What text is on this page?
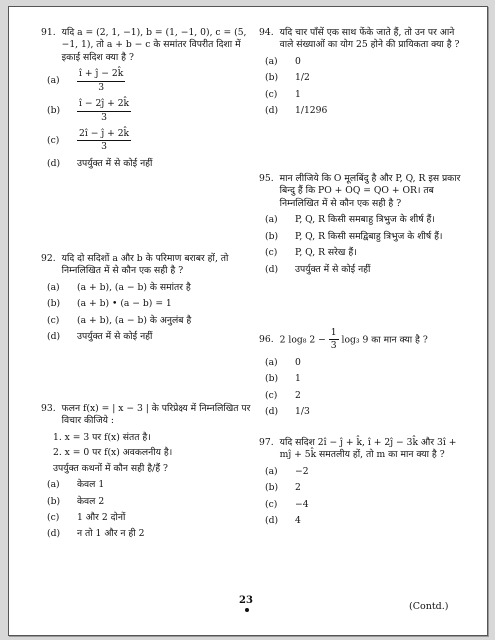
91. यदि a = (2, 1, −1), b = (1, −1, 0), c = (5, −1, 1), तो a + b − c के समांतर विपरीत दिशा में इकाई सदिश क्या है ?
(a)	$\frac{î + ĵ - 2k̂}{3}$
(b)	$\frac{î - 2ĵ + 2k̂}{3}$
(c)	$\frac{2î - ĵ + 2k̂}{3}$
(d)	उपर्युक्त में से कोई नहीं
92. यदि दो सदिशों a और b के परिमाण बराबर हों, तो निम्नलिखित में से कौन एक सही है ?
(a)	(a + b), (a − b) के समांतर है
(b)	(a + b) • (a − b) = 1
(c)	(a + b), (a − b) के अनुलंब है
(d)	उपर्युक्त में से कोई नहीं
93. फलन f(x) = | x − 3 | के परिप्रेक्ष्य में निम्नलिखित पर विचार कीजिये :
1. x = 3 पर f(x) संतत है।
2. x = 0 पर f(x) अवकलनीय है।
उपर्युक्त कथनों में कौन सही है/हैं ?
(a)	केवल 1
(b)	केवल 2
(c)	1 और 2 दोनों
(d)	न तो 1 और न ही 2
94. यदि चार पाँसें एक साथ फेंके जाते हैं, तो उन पर आने वाले संख्याओं का योग 25 होने की प्रायिकता क्या है ?
(a)	0
(b)	1/2
(c)	1
(d)	1/1296
95. मान लीजिये कि O मूलबिंदु है और P, Q, R इस प्रकार बिन्दु हैं कि PO + OQ = QO + OR। तब निम्नलिखित में से कौन एक सही है ?
(a)	P, Q, R किसी समबाहु त्रिभुज के शीर्ष हैं।
(b)	P, Q, R किसी समद्विबाहु त्रिभुज के शीर्ष हैं।
(c)	P, Q, R सरेख हैं।
(d)	उपर्युक्त में से कोई नहीं
96. 2 log₈ $2 - \frac{1}{3} \log_3$ 9 का मान क्या है ?
(a)	0
(b)	1
(c)	2
(d)	1/3
97. यदि सदिश 2î − ĵ + k̂, î + 2ĵ − 3k̂ और 3î + mĵ + 5k̂ समतलीय हों, तो m का मान क्या है ?
(a)	−2
(b)	2
(c)	−4
(d)	4
23
(Contd.)
